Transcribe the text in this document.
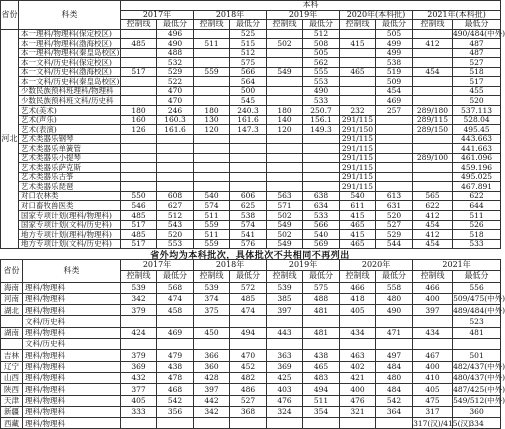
省份	科类	本科									
		2017年		2018年		2019年		2020年(本科批)		2021年(本科批)	
		控制线	最低分	控制线	最低分	控制线	最低分	控制线	最低分	控制线	最低分
河北	本一理科/物理科(保定校区)		496		525		512		505		490/484(中外)
	本一理科/物理科(渤海校区)	485	490	511	515	502	508	415	499	412	487
	本一理科/物理科(秦皇岛校区)		488		512		505		499		487
	本一文科/历史科(保定校区)		532		575		562		538		527
	本一文科/历史科(渤海校区)	517	529	559	566	549	555	465	519	454	518
	本一文科/历史科(秦皇岛校区)		522		564		553		509		517
	少数民族预科班理科/物理科		470		500		490		454		455
	少数民族预科班文科/历史科		470		545		533		469		520
	艺术(美术)	180	246	180	240.3	180	250.7	232	257	289/180	537.113
	艺术(声乐)	160	160.3	130	161.6	140	156.1	291/115		289/115	528.04
	艺术(表演)	126	161.6	120	147.3	120	149.3	291/150		289/150	495.45
	艺术类器乐钢琴							291/115			443.663
	艺术类器乐单簧管							291/115			441.663
	艺术类器乐小提琴							291/115		289/100	461.096
	艺术类器乐萨克斯							291/115			459.196
	艺术类器乐古筝							291/115			495.025
	艺术类器乐琵琶							291/115			467.891
	对口农林类	550	608	540	606	563	638	540	613	565	622
	对口畜牧兽医类	546	627	574	625	571	634	611	631	622	644
	国家专项计划(理科/物理科)	485	512	511	538	502	533	415	520	412	511
	国家专项计划(文科/历史科)	517	543	559	574	549	566	465	527	454	526
	地方专项计划(理科/物理科)	485	520	511	541	502	540	415	529	412	518
	地方专项计划(文科/历史科)	517	553	559	576	549	569	465	544	454	533
省外均为本科批次，具体批次不共相同不再列出
省份	科类	2017年		2018年		2019年		2020年		2021年	
		控制线	最低分	控制线	最低分	控制线	最低分	控制线	最低分	控制线	最低分
海南	理科/物理科	539	568	539	572	539	575	466	558	466	556
河南	理科/物理科	342	474	374	485	385	488	418	480	400	509/475(中外)
湖北	理科/物理科	379	458	375	474	397	481	405	490	397	489/484(中外)
	文科/历史科										523
湖南	理科/物理科	424	469	450	494	443	481	434	471	434	481
	文科/历史科										
吉林	理科/物理科	379	479	366	470	363	438	463	497	467	501
辽宁	理科/物理科	369	438	360	452	369	465	402	484	400	482/437(中外)
山西	理科/物理科	432	478	428	482	425	483	421	480	410	480/437(中外)
陕西	理科/物理科	377	468	397	486	403	494	400	484	405	487/425(中外)
天津	理科/物理科	405	542	442	527	476	511	476	542	475	549/512(中外)
新疆	理科/物理科	333	356	342	368	324	354	321	364	317	360
西藏	理科/物理科									317(汉)/415(汉)	334
